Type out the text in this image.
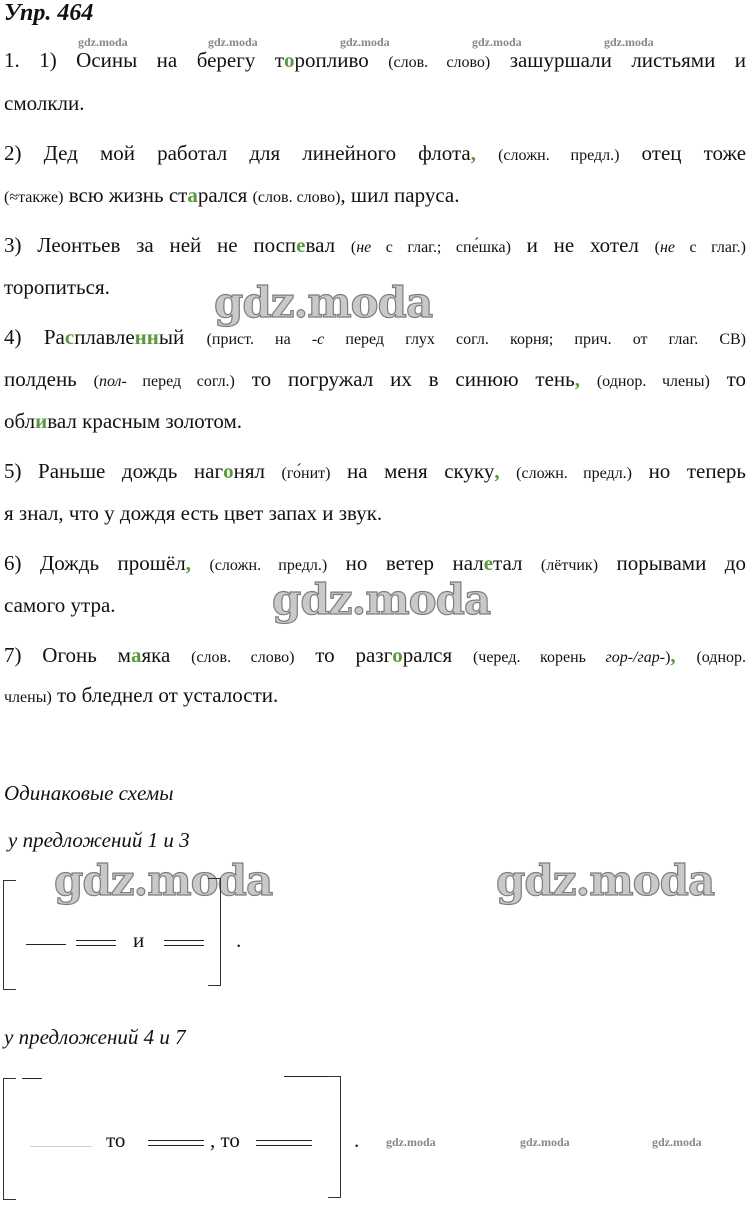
Упр. 464
gdz.moda	gdz.moda	gdz.moda	gdz.moda	gdz.moda
1. 1) Осины на берегу торопливо (слов. слово) зашуршали листьями и
смолкли.
2) Дед мой работал для линейного флота, (сложн. предл.) отец тоже
(≈также) всю жизнь старался (слов. слово), шил паруса.
3) Леонтьев за ней не поспевал (не с глаг.; спе́шка) и не хотел (не с глаг.)
торопиться.	gdz.moda
4) Расплавленный (прист. на -с перед глух согл. корня; прич. от глаг. СВ)
полдень (пол- перед согл.) то погружал их в синюю тень, (однор. члены) то
обливал красным золотом.
5) Раньше дождь нагонял (го́нит) на меня скуку, (сложн. предл.) но теперь
я знал, что у дождя есть цвет запах и звук.
6) Дождь прошёл, (сложн. предл.) но ветер налетал (лётчик) порывами до
самого утра.	gdz.moda
7) Огонь маяка (слов. слово) то разгорался (черед. корень гор-/гар-), (однор.
члены) то бледнел от усталости.
Одинаковые схемы
у предложений 1 и 3
gdz.moda	gdz.moda
и	.
у предложений 4 и 7
то	, то	. gdz.moda	gdz.moda	gdz.moda
